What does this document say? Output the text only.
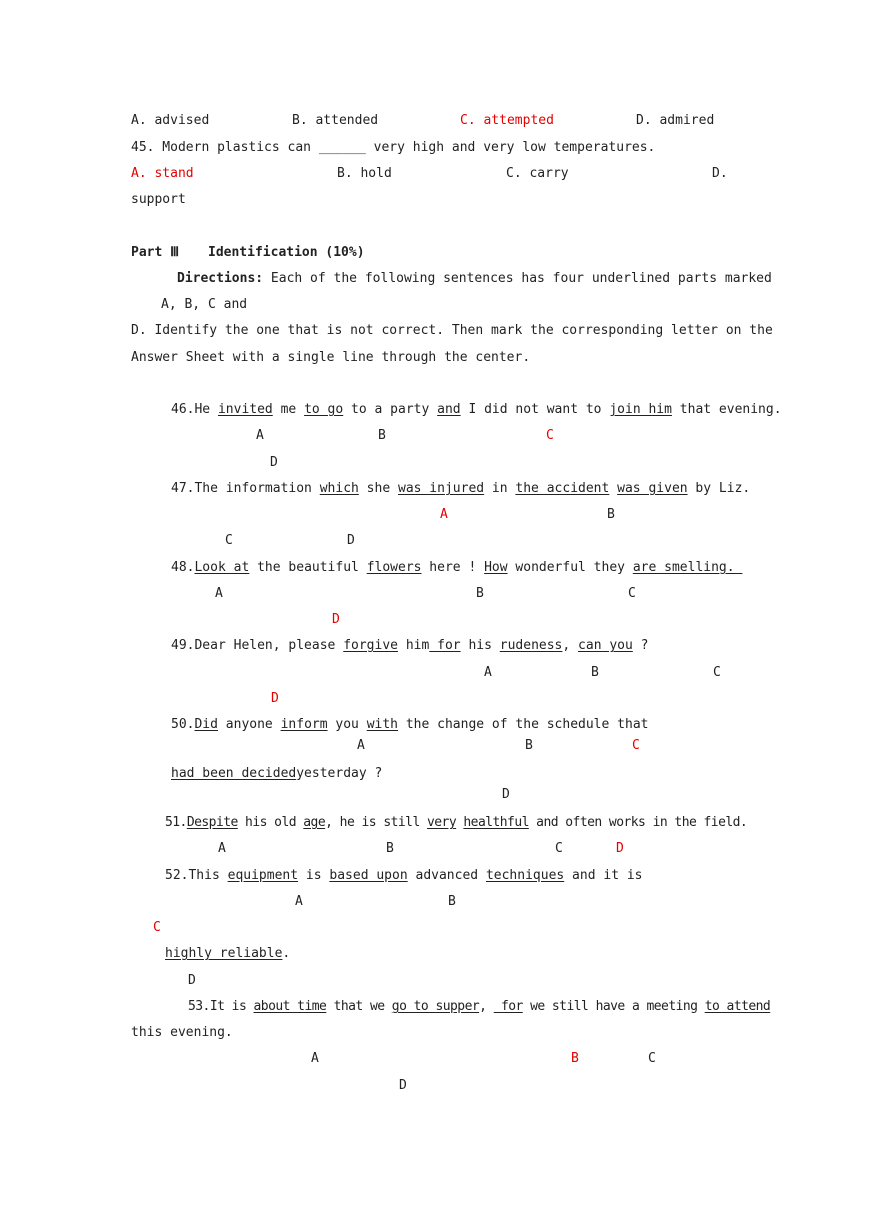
A. advised	B. attended	C. attempted	D. admired
45. Modern plastics can ______ very high and very low temperatures.
A. stand	B. hold	C. carry	D.
support
Part Ⅲ Identification (10%)
Directions: Each of the following sentences has four underlined parts marked
A, B, C and
D. Identify the one that is not correct. Then mark the corresponding letter on the
Answer Sheet with a single line through the center.
46.He invited me to go to a party and I did not want to join him that evening.
A	B	C
D
47.The information which she was injured in the accident was given by Liz.
A	B
C	D
48.Look at the beautiful flowers here ! How wonderful they are smelling.
A	B	C
D
49.Dear Helen, please forgive him for his rudeness, can you ?
A	B	C
D
50.Did anyone inform you with the change of the schedule that
A	B	C
had been decidedyesterday ?
D
51.Despite his old age, he is still very healthful and often works in the field.
A	B	C	D
52.This equipment is based upon advanced techniques and it is
A	B
C
highly reliable.
D
53.It is about time that we go to supper,  for we still have a meeting to attend
this evening.
A	B	C
D
